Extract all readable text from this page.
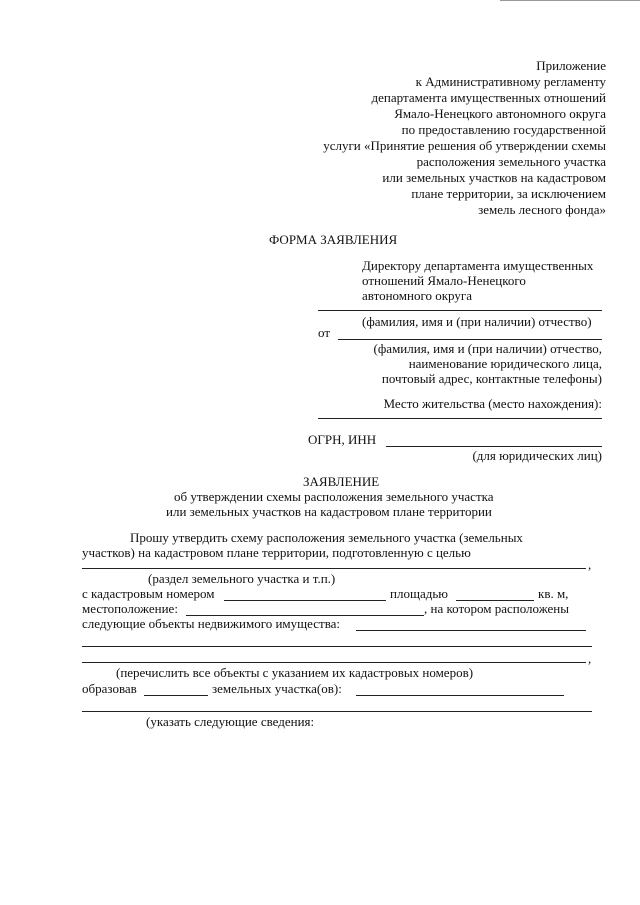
Приложение
к Административному регламенту
департамента имущественных отношений
Ямало-Ненецкого автономного округа
по предоставлению государственной
услуги «Принятие решения об утверждении схемы
расположения земельного участка
или земельных участков на кадастровом
плане территории, за исключением
земель лесного фонда»
ФОРМА ЗАЯВЛЕНИЯ
Директору департамента имущественных
отношений Ямало-Ненецкого
автономного округа
(фамилия, имя и (при наличии) отчество)
от
(фамилия, имя и (при наличии) отчество,
наименование юридического лица,
почтовый адрес, контактные телефоны)
Место жительства (место нахождения):
ОГРН, ИНН
(для юридических лиц)
ЗАЯВЛЕНИЕ
об утверждении схемы расположения земельного участка
или земельных участков на кадастровом плане территории
Прошу утвердить схему расположения земельного участка (земельных
участков) на кадастровом плане территории, подготовленную с целью
,
(раздел земельного участка и т.п.)
с кадастровым номером	площадью	кв. м,
местоположение:	, на котором расположены
следующие объекты недвижимого имущества:
,
(перечислить все объекты с указанием их кадастровых номеров)
образовав	земельных участка(ов):
(указать следующие сведения:
